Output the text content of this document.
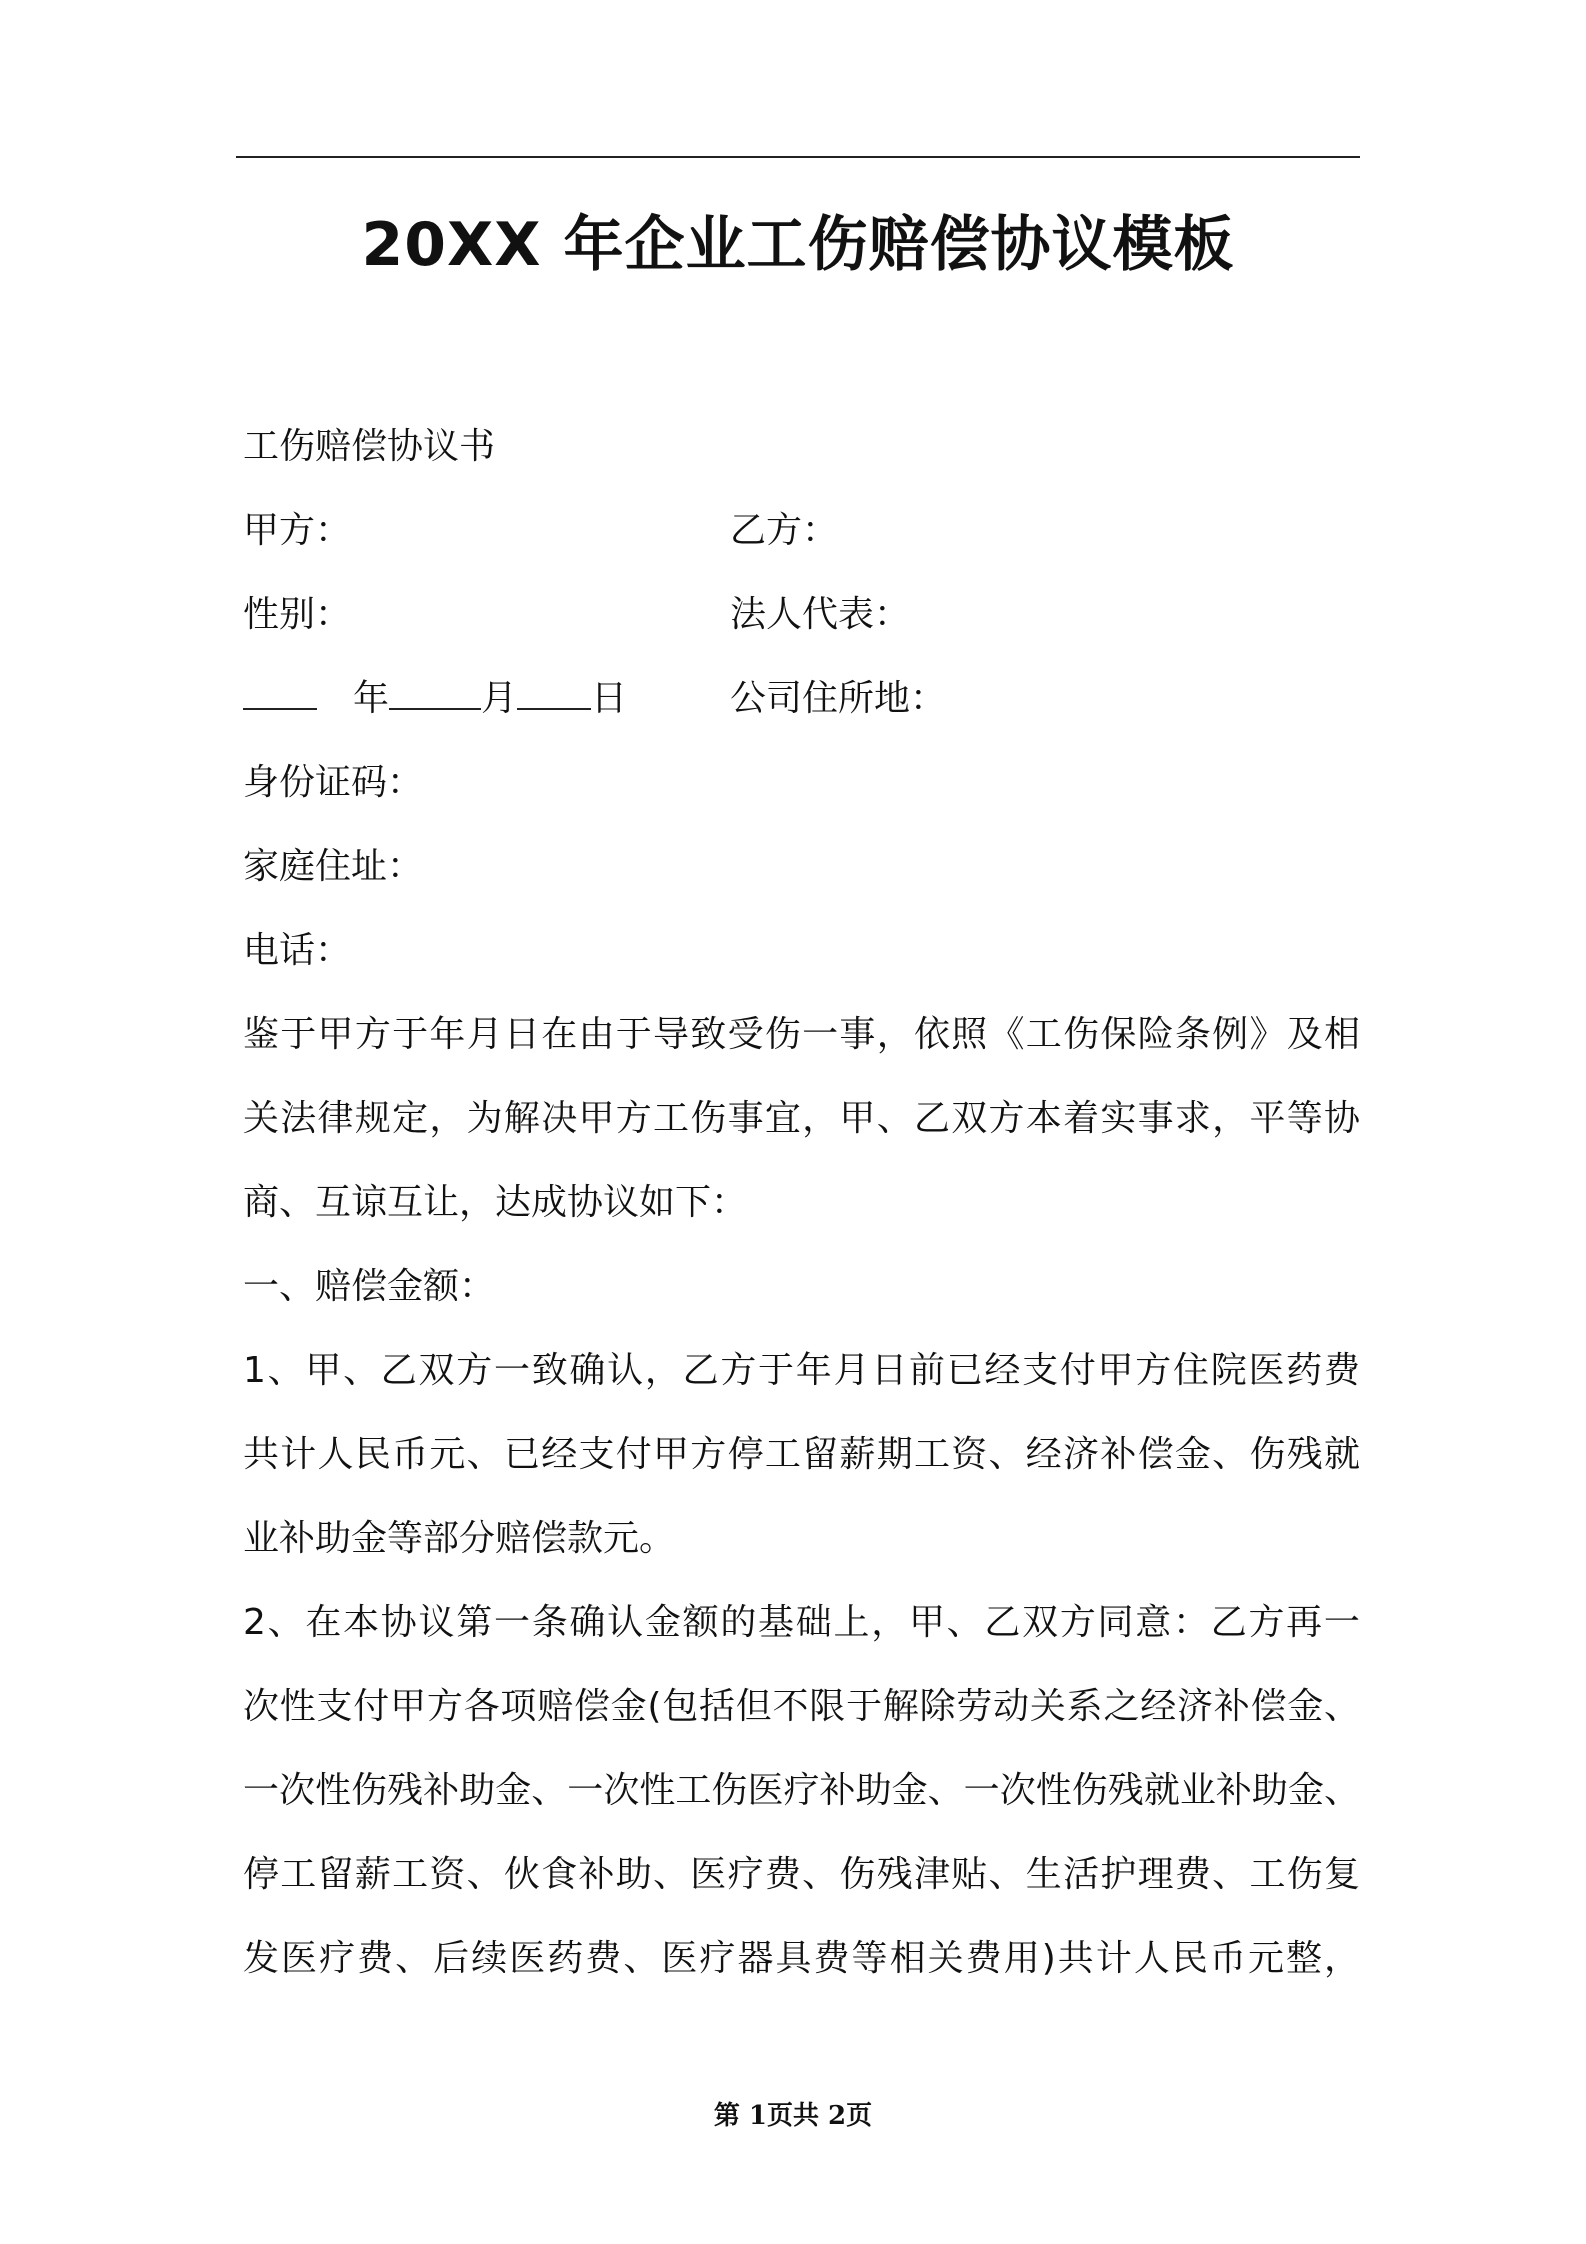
20XX 年企业工伤赔偿协议模板
工伤赔偿协议书
甲方：	乙方：
性别：	法人代表：
年	月 日	公司住所地：
身份证码：
家庭住址：
电话：
鉴于甲方于年月日在由于导致受伤一事，依照《工伤保险条例》及相
关法律规定，为解决甲方工伤事宜，甲、乙双方本着实事求，平等协
商、互谅互让，达成协议如下：
一、赔偿金额：
1、甲、乙双方一致确认，乙方于年月日前已经支付甲方住院医药费
共计人民币元、已经支付甲方停工留薪期工资、经济补偿金、伤残就
业补助金等部分赔偿款元。
2、在本协议第一条确认金额的基础上，甲、乙双方同意：乙方再一
次性支付甲方各项赔偿金(包括但不限于解除劳动关系之经济补偿金、
一次性伤残补助金、一次性工伤医疗补助金、一次性伤残就业补助金、
停工留薪工资、伙食补助、医疗费、伤残津贴、生活护理费、工伤复
发医疗费、后续医药费、医疗器具费等相关费用)共计人民币元整，
第 1页共 2页
